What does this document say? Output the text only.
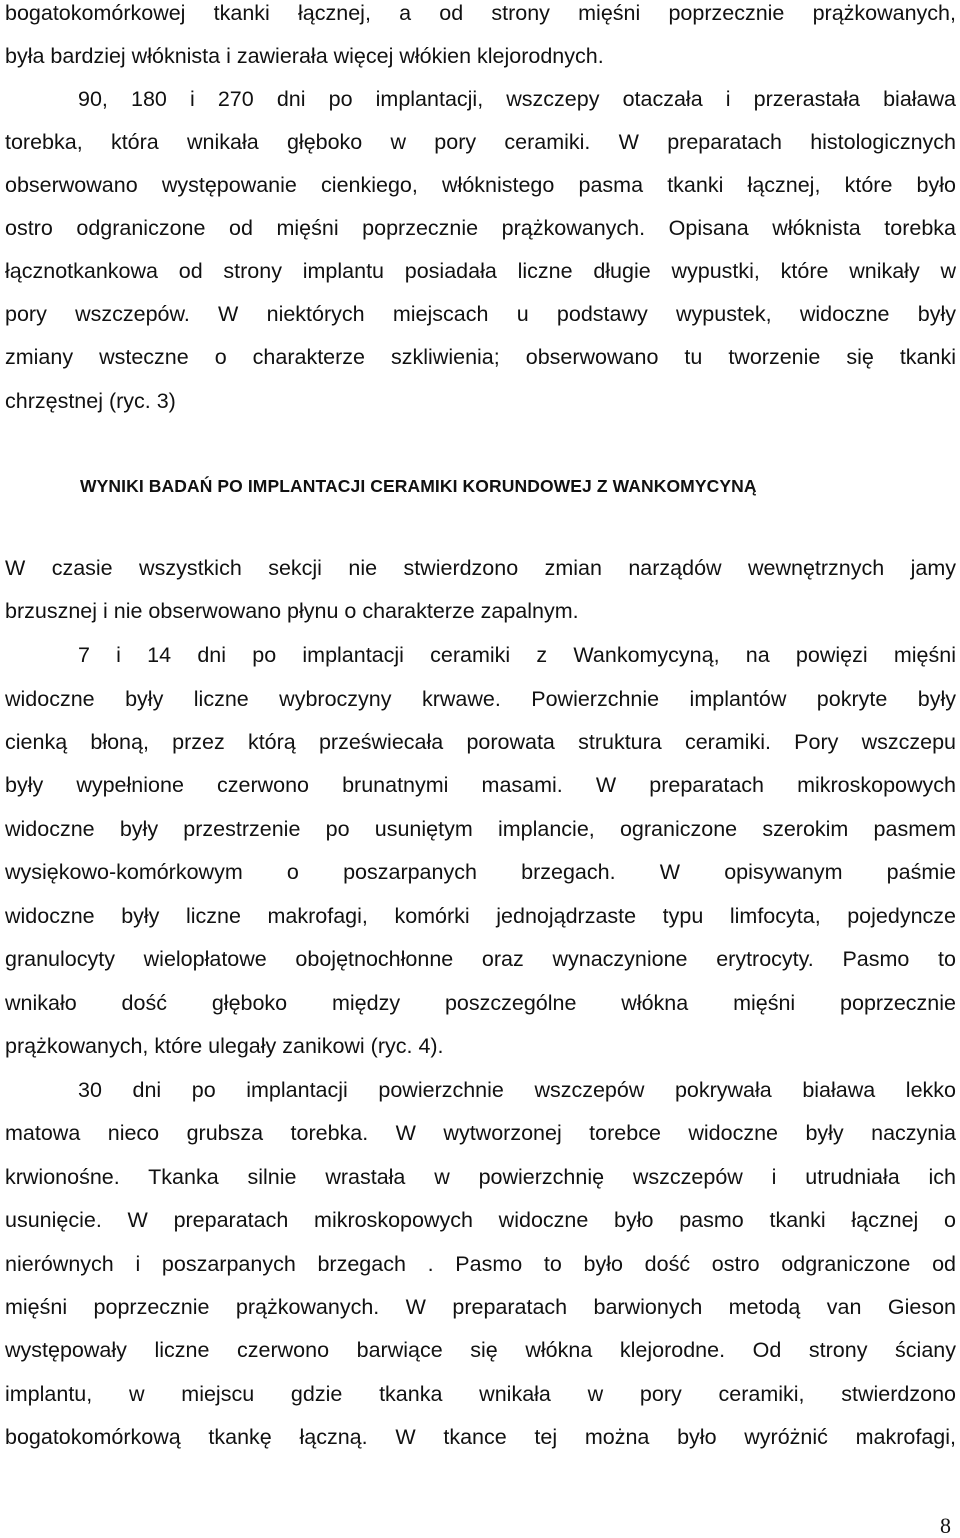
bogatokomórkowej tkanki łącznej, a od strony mięśni poprzecznie prążkowanych,
była bardziej włóknista i zawierała więcej włókien klejorodnych.
90, 180 i 270 dni po implantacji, wszczepy otaczała i przerastała biaława
torebka, która wnikała głęboko w pory ceramiki. W preparatach histologicznych
obserwowano występowanie cienkiego, włóknistego pasma tkanki łącznej, które było
ostro odgraniczone od mięśni poprzecznie prążkowanych. Opisana włóknista torebka
łącznotkankowa od strony implantu posiadała liczne długie wypustki, które wnikały w
pory wszczepów. W niektórych miejscach u podstawy wypustek, widoczne były
zmiany wsteczne o charakterze szkliwienia; obserwowano tu tworzenie się tkanki
chrzęstnej (ryc. 3)
WYNIKI BADAŃ PO IMPLANTACJI CERAMIKI KORUNDOWEJ Z WANKOMYCYNĄ
W czasie wszystkich sekcji nie stwierdzono zmian narządów wewnętrznych jamy
brzusznej i nie obserwowano płynu o charakterze zapalnym.
7 i 14 dni po implantacji ceramiki z Wankomycyną, na powięzi mięśni
widoczne były liczne wybroczyny krwawe. Powierzchnie implantów pokryte były
cienką błoną, przez którą przeświecała porowata struktura ceramiki. Pory wszczepu
były wypełnione czerwono brunatnymi masami. W preparatach mikroskopowych
widoczne były przestrzenie po usuniętym implancie, ograniczone szerokim pasmem
wysiękowo-komórkowym o poszarpanych brzegach. W opisywanym paśmie
widoczne były liczne makrofagi, komórki jednojądrzaste typu limfocyta, pojedyncze
granulocyty wielopłatowe obojętnochłonne oraz wynaczynione erytrocyty. Pasmo to
wnikało dość głęboko między poszczególne włókna mięśni poprzecznie
prążkowanych, które ulegały zanikowi (ryc. 4).
30 dni po implantacji powierzchnie wszczepów pokrywała biaława lekko
matowa nieco grubsza torebka. W wytworzonej torebce widoczne były naczynia
krwionośne. Tkanka silnie wrastała w powierzchnię wszczepów i utrudniała ich
usunięcie. W preparatach mikroskopowych widoczne było pasmo tkanki łącznej o
nierównych i poszarpanych brzegach . Pasmo to było dość ostro odgraniczone od
mięśni poprzecznie prążkowanych. W preparatach barwionych metodą van Gieson
występowały liczne czerwono barwiące się włókna klejorodne. Od strony ściany
implantu, w miejscu gdzie tkanka wnikała w pory ceramiki, stwierdzono
bogatokomórkową tkankę łączną. W tkance tej można było wyróżnić makrofagi,
8
